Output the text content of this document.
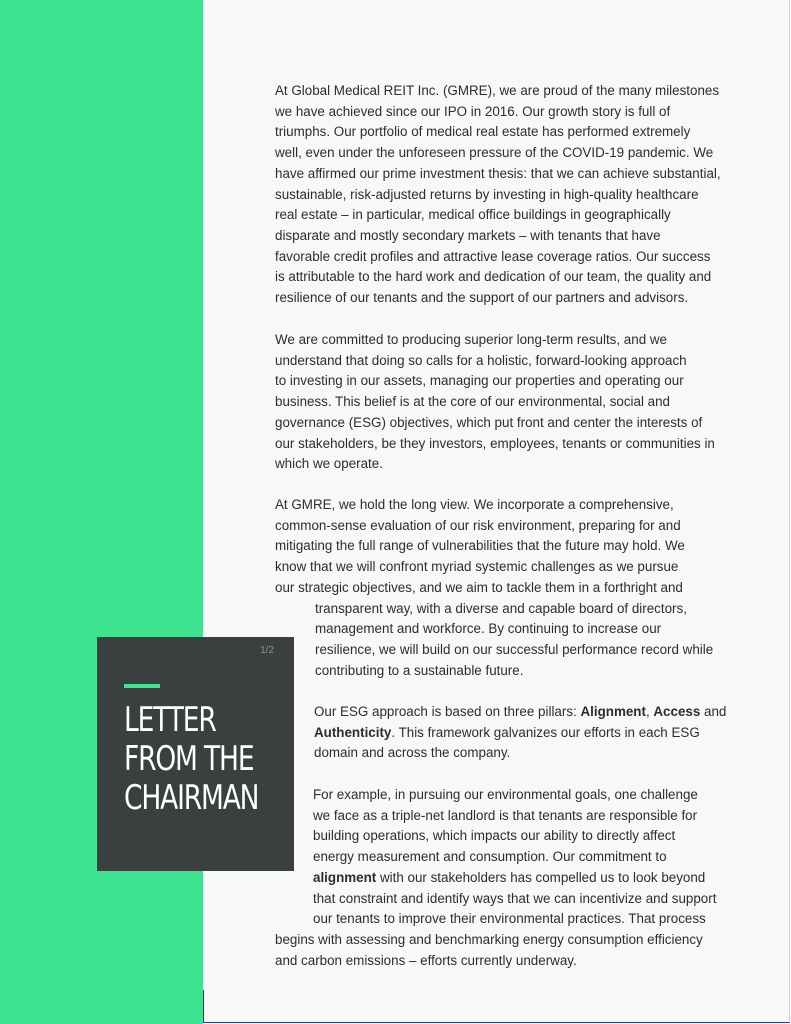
At Global Medical REIT Inc. (GMRE), we are proud of the many milestones
we have achieved since our IPO in 2016. Our growth story is full of
triumphs. Our portfolio of medical real estate has performed extremely
well, even under the unforeseen pressure of the COVID-19 pandemic. We
have affirmed our prime investment thesis: that we can achieve substantial,
sustainable, risk-adjusted returns by investing in high-quality healthcare
real estate – in particular, medical office buildings in geographically
disparate and mostly secondary markets – with tenants that have
favorable credit profiles and attractive lease coverage ratios. Our success
is attributable to the hard work and dedication of our team, the quality and
resilience of our tenants and the support of our partners and advisors.

We are committed to producing superior long-term results, and we
understand that doing so calls for a holistic, forward-looking approach
to investing in our assets, managing our properties and operating our
business. This belief is at the core of our environmental, social and
governance (ESG) objectives, which put front and center the interests of
our stakeholders, be they investors, employees, tenants or communities in
which we operate.

At GMRE, we hold the long view. We incorporate a comprehensive,
common-sense evaluation of our risk environment, preparing for and
mitigating the full range of vulnerabilities that the future may hold. We
know that we will confront myriad systemic challenges as we pursue
our strategic objectives, and we aim to tackle them in a forthright and
transparent way, with a diverse and capable board of directors,
management and workforce. By continuing to increase our
resilience, we will build on our successful performance record while
contributing to a sustainable future.

Our ESG approach is based on three pillars: Alignment, Access and
Authenticity. This framework galvanizes our efforts in each ESG
domain and across the company.

For example, in pursuing our environmental goals, one challenge
we face as a triple-net landlord is that tenants are responsible for
building operations, which impacts our ability to directly affect
energy measurement and consumption. Our commitment to
alignment with our stakeholders has compelled us to look beyond
that constraint and identify ways that we can incentivize and support
our tenants to improve their environmental practices. That process
begins with assessing and benchmarking energy consumption efficiency
and carbon emissions – efforts currently underway.

1/2
LETTER
FROM THE
CHAIRMAN
